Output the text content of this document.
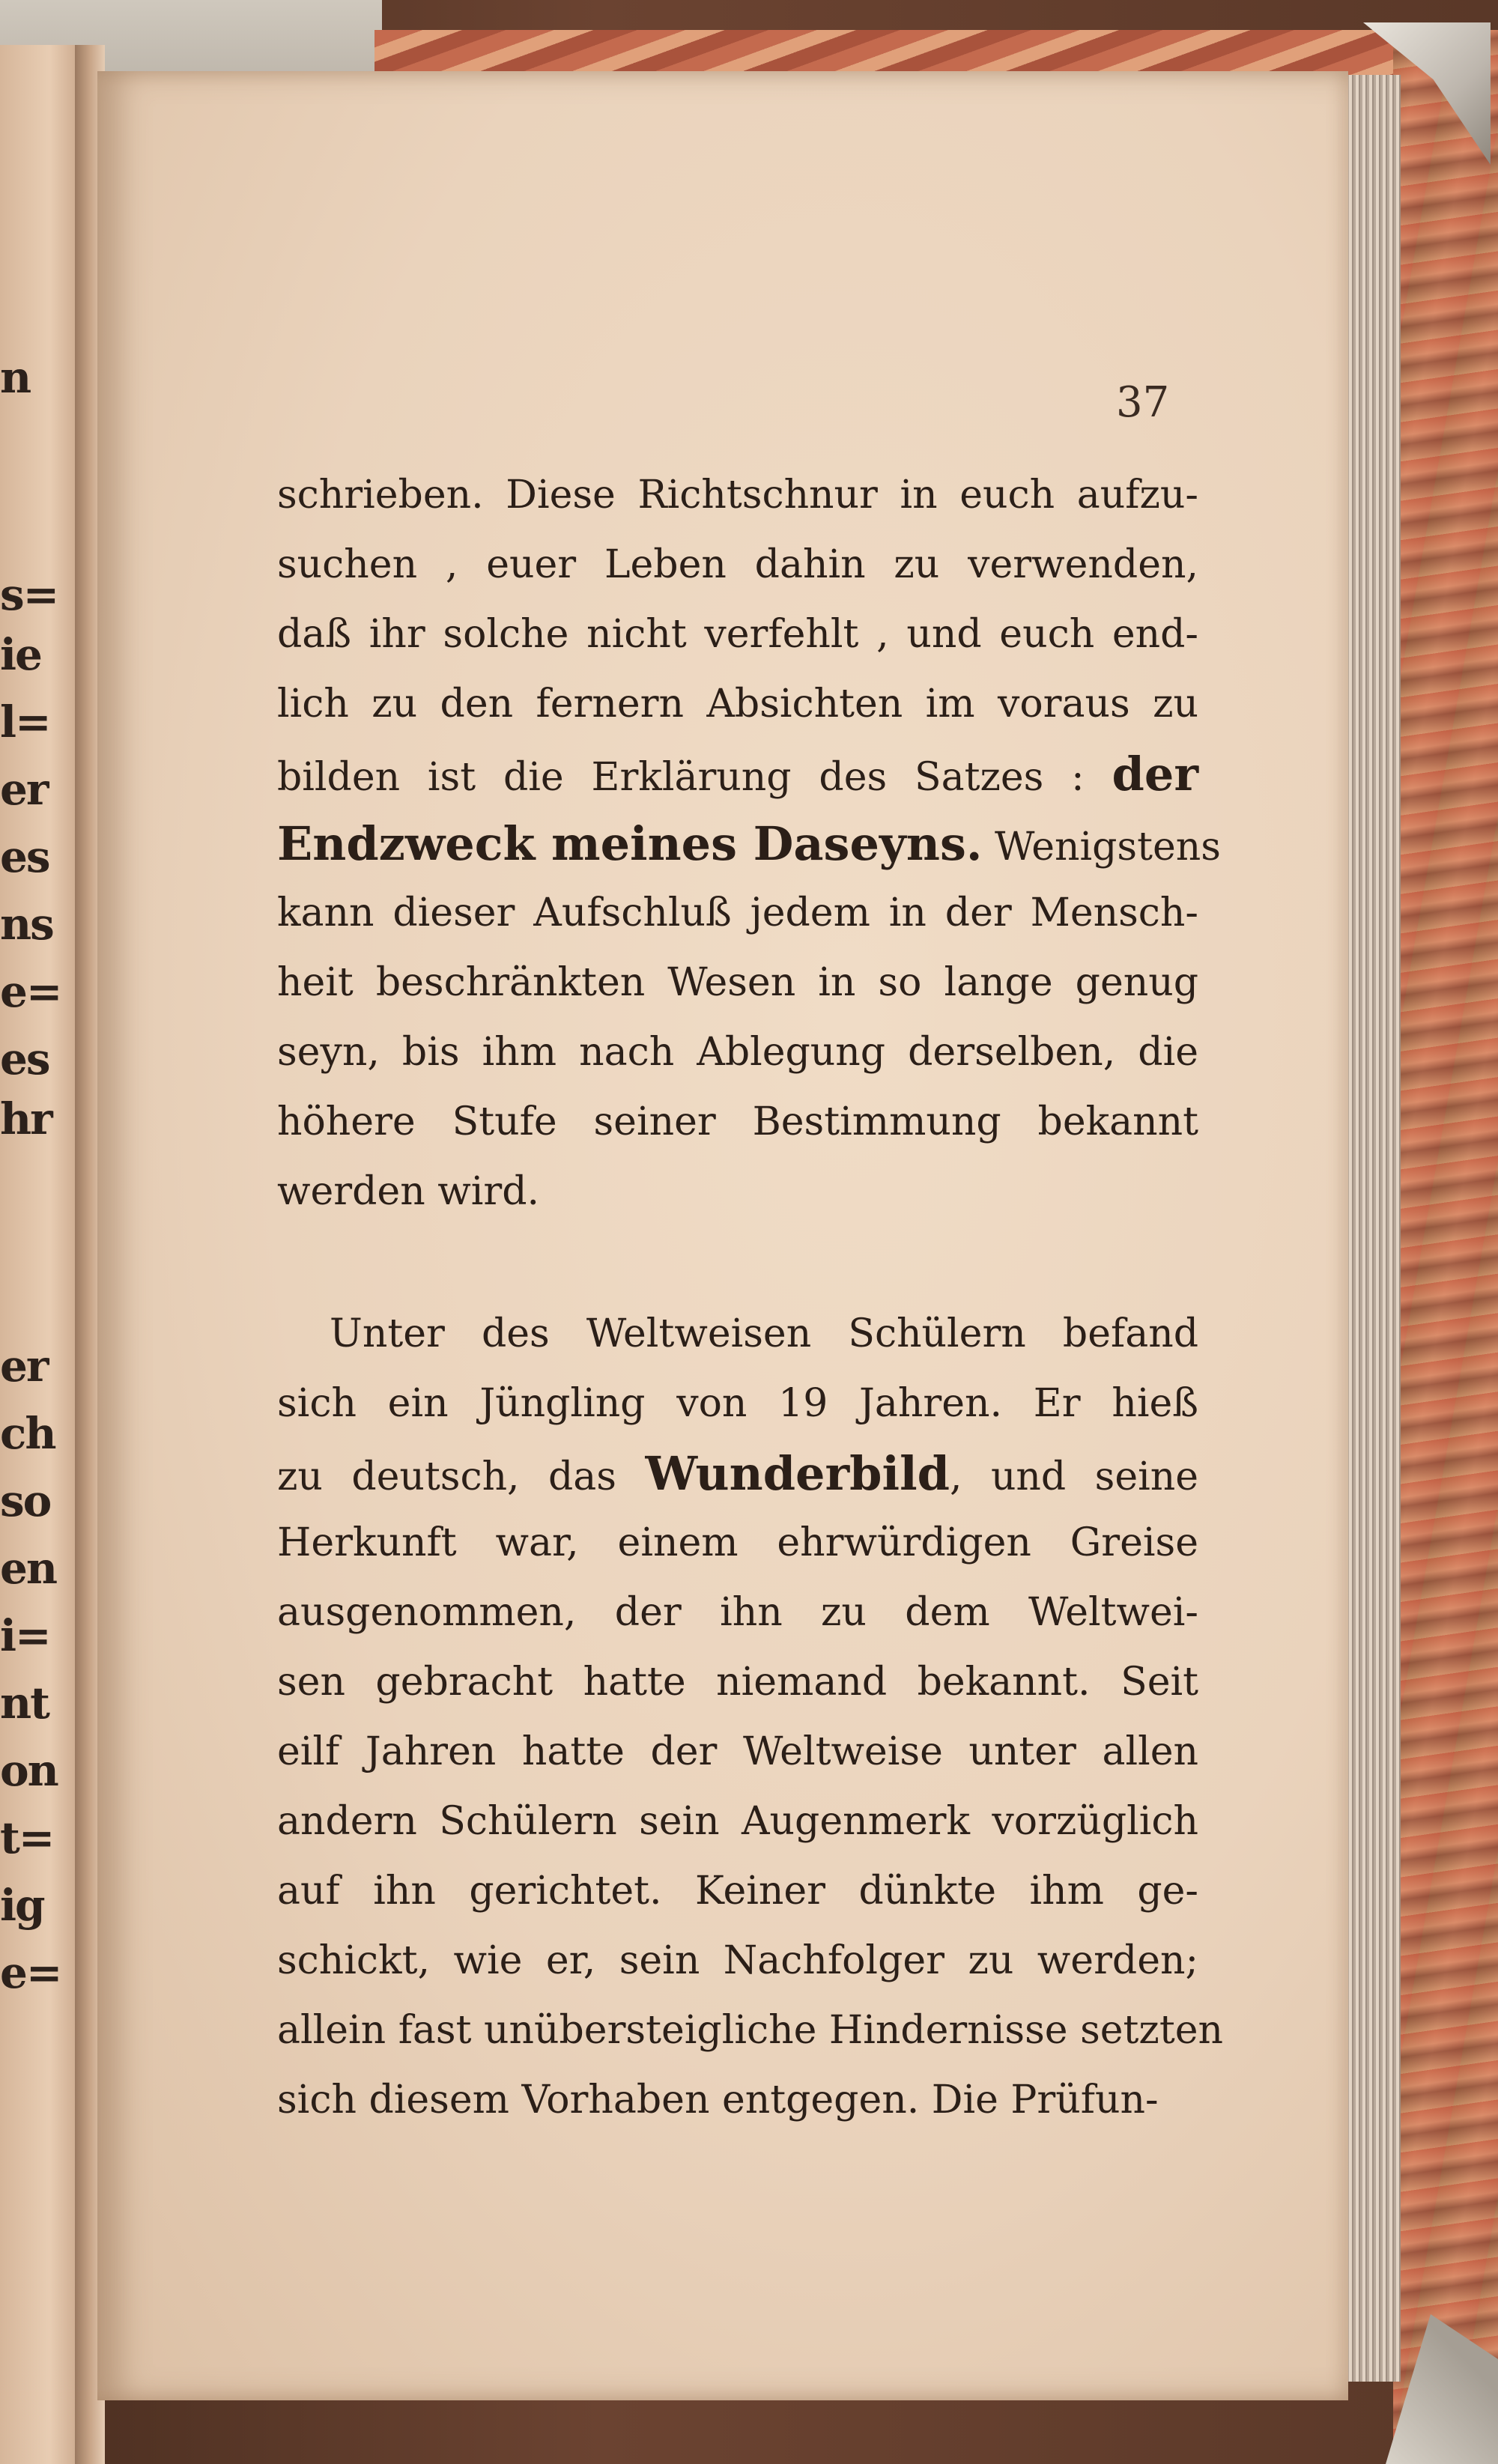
n
s=
ie
l=
er
es
ns
e=
es
hr
er
ch
so
en
i=
nt
on
t=
ig
e=
37
schrieben. Diese Richtschnur in euch aufzu-
suchen , euer Leben dahin zu verwenden,
daß ihr solche nicht verfehlt , und euch end-
lich zu den fernern Absichten im voraus zu
bilden ist die Erklärung des Satzes : der
Endzweck meines Daseyns. Wenigstens
kann dieser Aufschluß jedem in der Mensch-
heit beschränkten Wesen in so lange genug
seyn, bis ihm nach Ablegung derselben, die
höhere Stufe seiner Bestimmung bekannt
werden wird.
Unter des Weltweisen Schülern befand
sich ein Jüngling von 19 Jahren. Er hieß
zu deutsch, das Wunderbild, und seine
Herkunft war, einem ehrwürdigen Greise
ausgenommen, der ihn zu dem Weltwei-
sen gebracht hatte niemand bekannt. Seit
eilf Jahren hatte der Weltweise unter allen
andern Schülern sein Augenmerk vorzüglich
auf ihn gerichtet. Keiner dünkte ihm ge-
schickt, wie er, sein Nachfolger zu werden;
allein fast unübersteigliche Hindernisse setzten
sich diesem Vorhaben entgegen. Die Prüfun-
